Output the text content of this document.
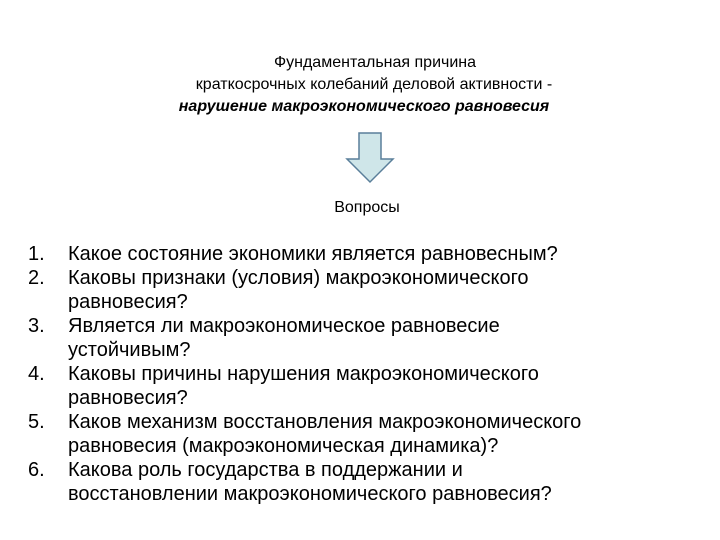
Фундаментальная причина
краткосрочных колебаний деловой активности -
нарушение макроэкономического равновесия
Вопросы
1.	Какое состояние экономики является равновесным?
2.	Каковы признаки (условия) макроэкономического
равновесия?
3.	Является ли макроэкономическое равновесие
устойчивым?
4.	Каковы причины нарушения макроэкономического
равновесия?
5.	Каков механизм восстановления макроэкономического
равновесия (макроэкономическая динамика)?
6.	Какова роль государства в поддержании и
восстановлении макроэкономического равновесия?
